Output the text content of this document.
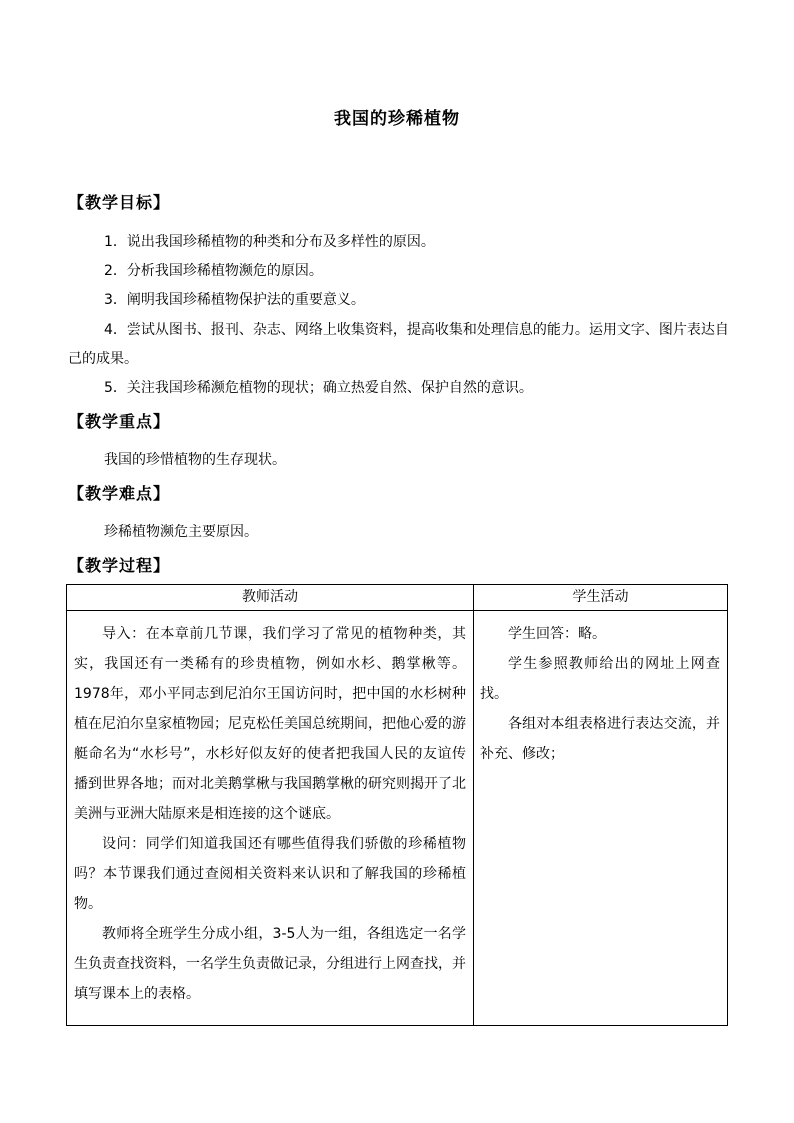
我国的珍稀植物
【教学目标】
1．说出我国珍稀植物的种类和分布及多样性的原因。
2．分析我国珍稀植物濒危的原因。
3．阐明我国珍稀植物保护法的重要意义。
4．尝试从图书、报刊、杂志、网络上收集资料，提高收集和处理信息的能力。运用文字、图片表达自己的成果。
5．关注我国珍稀濒危植物的现状；确立热爱自然、保护自然的意识。
【教学重点】
我国的珍惜植物的生存现状。
【教学难点】
珍稀植物濒危主要原因。
【教学过程】
教师活动	学生活动

导入：在本章前几节课，我们学习了常见的植物种类，其实，我国还有一类稀有的珍贵植物，例如水杉、鹅掌楸等。1978年，邓小平同志到尼泊尔王国访问时，把中国的水杉树种植在尼泊尔皇家植物园；尼克松任美国总统期间，把他心爱的游艇命名为“水杉号”，水杉好似友好的使者把我国人民的友谊传播到世界各地；而对北美鹅掌楸与我国鹅掌楸的研究则揭开了北美洲与亚洲大陆原来是相连接的这个谜底。

设问：同学们知道我国还有哪些值得我们骄傲的珍稀植物吗？本节课我们通过查阅相关资料来认识和了解我国的珍稀植物。

教师将全班学生分成小组，3-5人为一组，各组选定一名学生负责查找资料，一名学生负责做记录，分组进行上网查找，并填写课本上的表格。

学生回答：略。

学生参照教师给出的网址上网查找。

各组对本组表格进行表达交流，并补充、修改；
